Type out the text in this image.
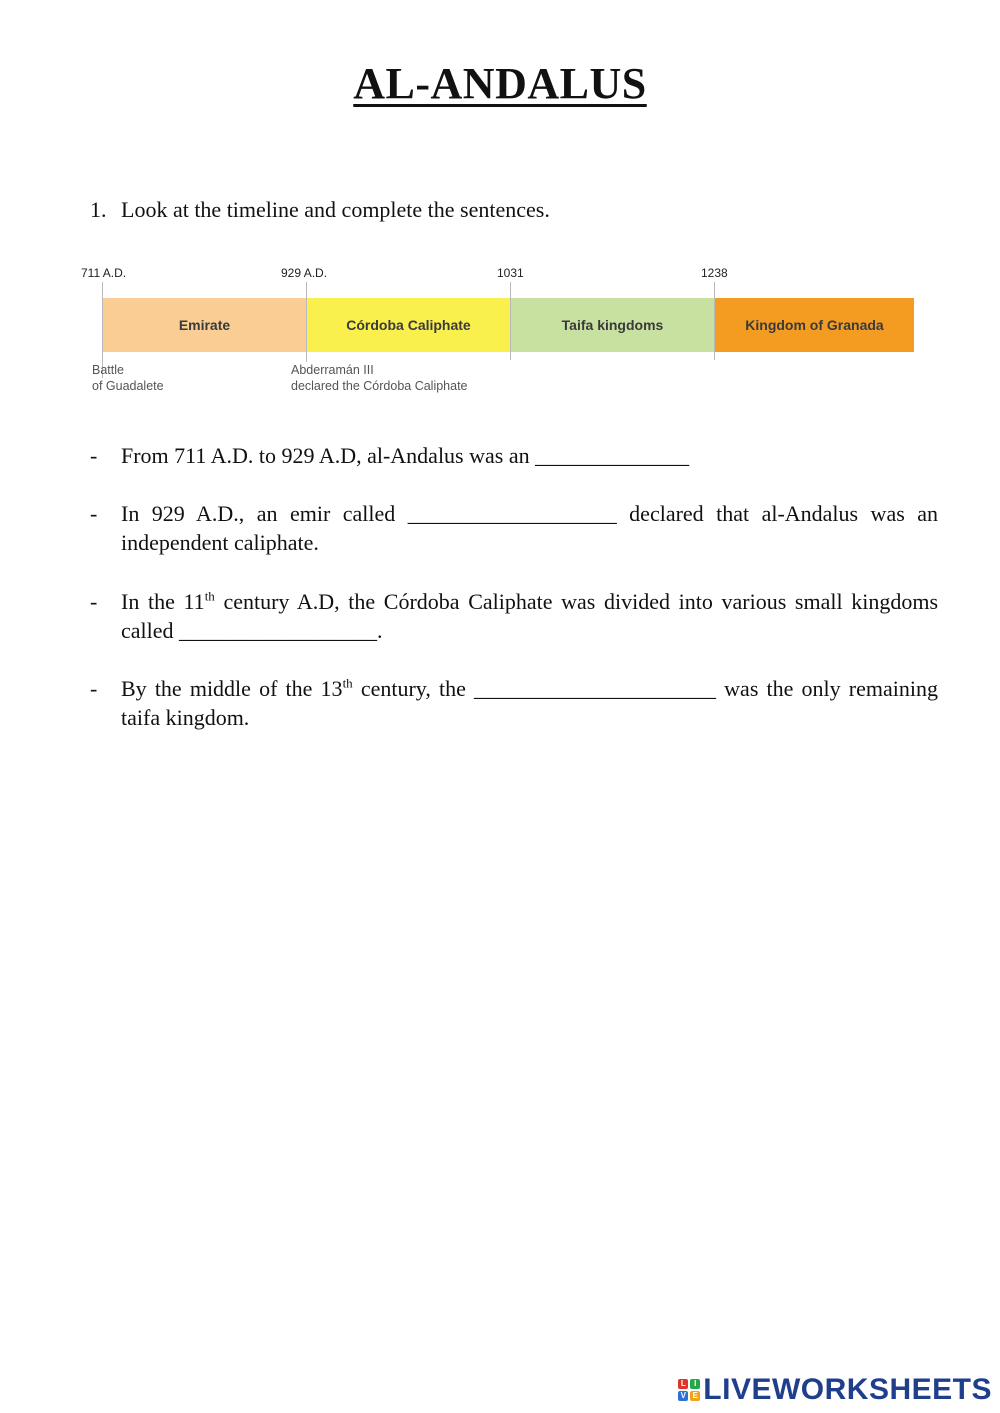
AL-ANDALUS
1. Look at the timeline and complete the sentences.
711 A.D.	929 A.D.	1031	1238
Emirate	Córdoba Caliphate	Taifa kingdoms	Kingdom of Granada
Battle
of Guadalete
Abderramán III
declared the Córdoba Caliphate
- From 711 A.D. to 929 A.D, al-Andalus was an ______________
- In 929 A.D., an emir called ___________________ declared that al-Andalus was an independent caliphate.
- In the 11th century A.D, the Córdoba Caliphate was divided into various small kingdoms called __________________.
- By the middle of the 13th century, the ______________________ was the only remaining taifa kingdom.
L	I
V E LIVEWORKSHEETS
